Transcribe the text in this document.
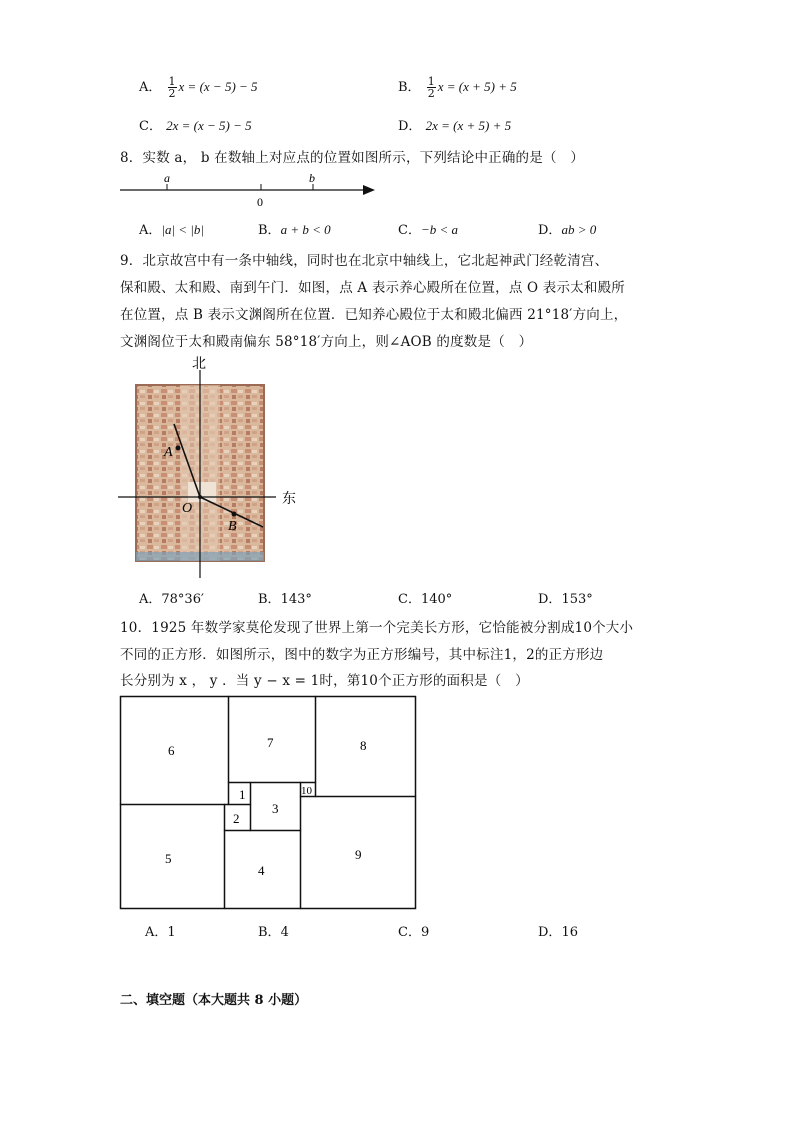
A． $\frac{1}{2}$ x = (x − 5) − 5	B． $\frac{1}{2}$ x = (x + 5) + 5
C． 2x = (x − 5) − 5	D． 2x = (x + 5) + 5
8．实数 a， b 在数轴上对应点的位置如图所示，下列结论中正确的是（　）
a
0
b
A．|a| < |b|	B．a + b < 0	C．−b < a	D．ab > 0
9．北京故宫中有一条中轴线，同时也在北京中轴线上，它北起神武门经乾清宫、
保和殿、太和殿、南到午门．如图，点 A 表示养心殿所在位置，点 O 表示太和殿所
在位置，点 B 表示文渊阁所在位置．已知养心殿位于太和殿北偏西 21°18′方向上，
文渊阁位于太和殿南偏东 58°18′方向上，则∠AOB 的度数是（　）
北
东
A
O
B
A．78°36′	B．143°	C．140°	D．153°
10．1925 年数学家莫伦发现了世界上第一个完美长方形，它恰能被分割成10个大小
不同的正方形．如图所示，图中的数字为正方形编号，其中标注1，2的正方形边
长分别为 x ， y ．当 y − x = 1时，第10个正方形的面积是（　）
1
2
3
4
5
6
7	8
9
10
A．1	B．4	C．9	D．16
二、填空题（本大题共 8 小题）
